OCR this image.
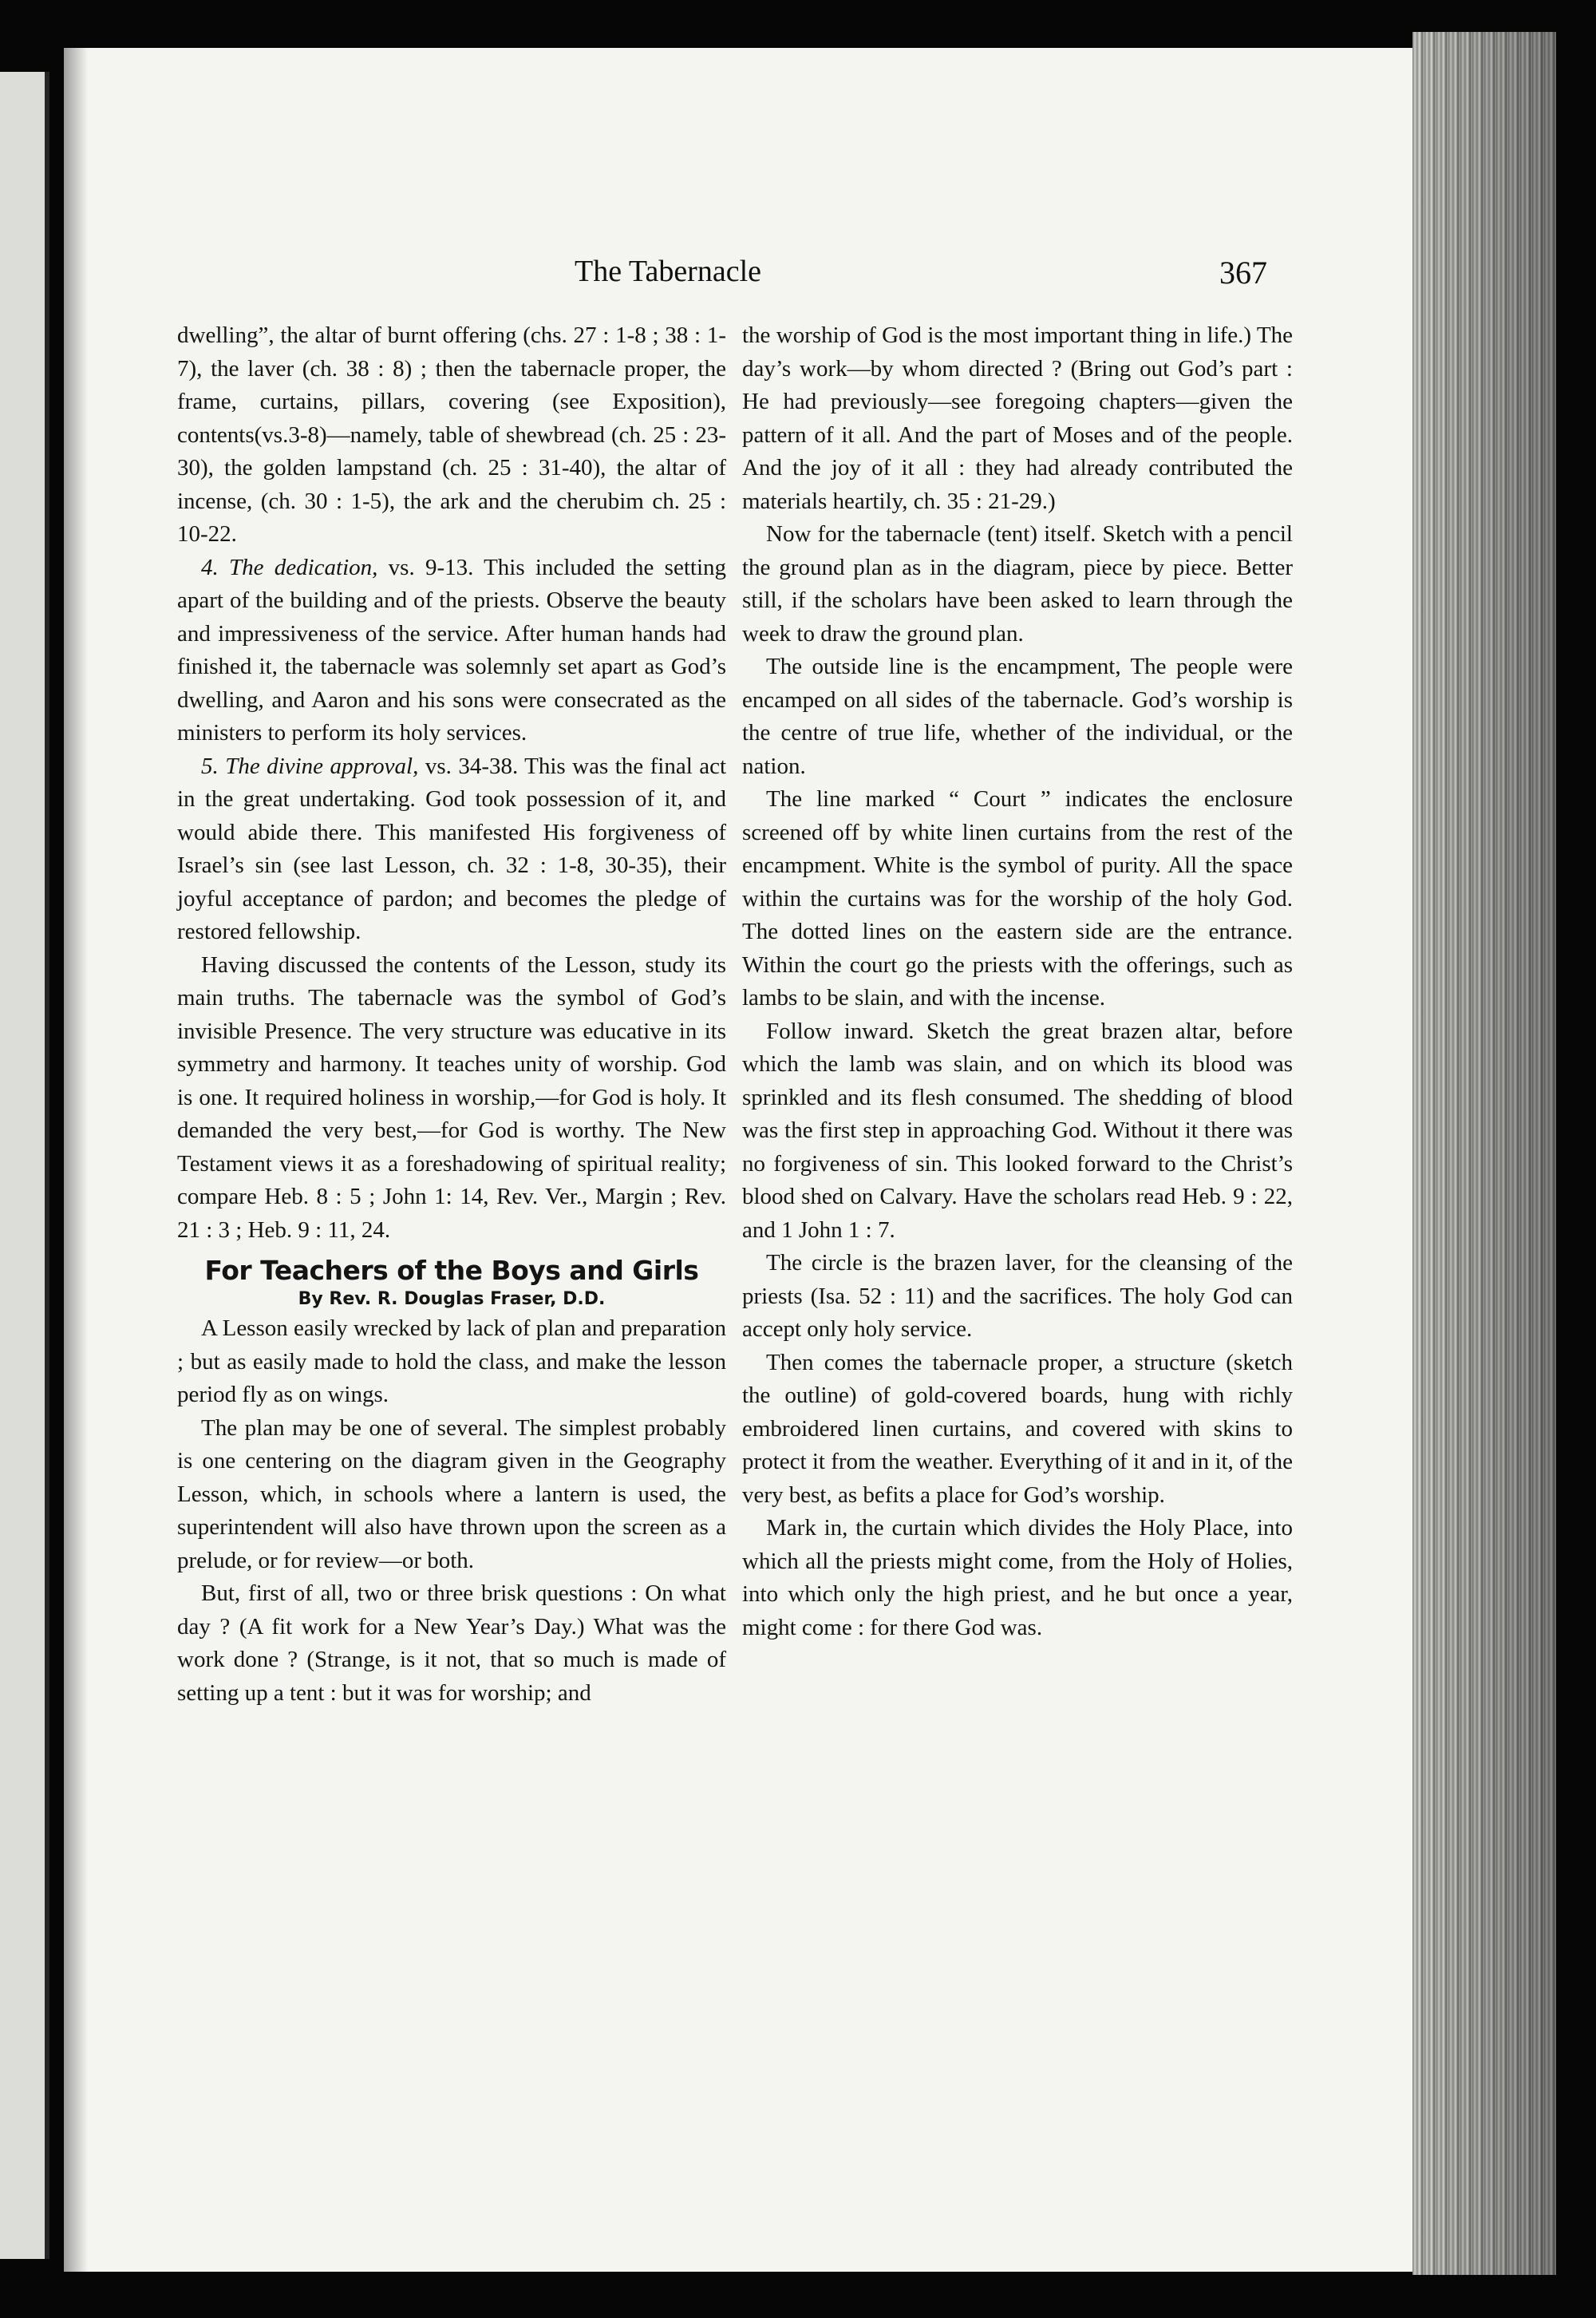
The Tabernacle	367

dwelling”, the altar of burnt offering (chs. 27 : 1-8 ; 38 : 1-7), the laver (ch. 38 : 8) ; then the tabernacle proper, the frame, curtains, pillars, covering (see Exposition), contents(vs.3-8)—namely, table of shewbread (ch. 25 : 23-30), the golden lampstand (ch. 25 : 31-40), the altar of incense, (ch. 30 : 1-5), the ark and the cherubim ch. 25 : 10-22.

4. The dedication, vs. 9-13. This included the setting apart of the building and of the priests. Observe the beauty and impressiveness of the service. After human hands had finished it, the tabernacle was solemnly set apart as God’s dwelling, and Aaron and his sons were consecrated as the ministers to perform its holy services.

5. The divine approval, vs. 34-38. This was the final act in the great undertaking. God took possession of it, and would abide there. This manifested His forgiveness of Israel’s sin (see last Lesson, ch. 32 : 1-8, 30-35), their joyful acceptance of pardon; and becomes the pledge of restored fellowship.

Having discussed the contents of the Lesson, study its main truths. The tabernacle was the symbol of God’s invisible Presence. The very structure was educative in its symmetry and harmony. It teaches unity of worship. God is one. It required holiness in worship,—for God is holy. It demanded the very best,—for God is worthy. The New Testament views it as a foreshadowing of spiritual reality; compare Heb. 8 : 5 ; John 1: 14, Rev. Ver., Margin ; Rev. 21 : 3 ; Heb. 9 : 11, 24.

For Teachers of the Boys and Girls
By Rev. R. Douglas Fraser, D.D.

A Lesson easily wrecked by lack of plan and preparation ; but as easily made to hold the class, and make the lesson period fly as on wings.

The plan may be one of several. The simplest probably is one centering on the diagram given in the Geography Lesson, which, in schools where a lantern is used, the superintendent will also have thrown upon the screen as a prelude, or for review—or both.

But, first of all, two or three brisk questions : On what day ? (A fit work for a New Year’s Day.) What was the work done ? (Strange, is it not, that so much is made of setting up a tent : but it was for worship; and

the worship of God is the most important thing in life.) The day’s work—by whom directed ? (Bring out God’s part : He had previously—see foregoing chapters—given the pattern of it all. And the part of Moses and of the people. And the joy of it all : they had already contributed the materials heartily, ch. 35 : 21-29.)

Now for the tabernacle (tent) itself. Sketch with a pencil the ground plan as in the diagram, piece by piece. Better still, if the scholars have been asked to learn through the week to draw the ground plan.

The outside line is the encampment, The people were encamped on all sides of the tabernacle. God’s worship is the centre of true life, whether of the individual, or the nation.

The line marked “ Court ” indicates the enclosure screened off by white linen curtains from the rest of the encampment. White is the symbol of purity. All the space within the curtains was for the worship of the holy God. The dotted lines on the eastern side are the entrance. Within the court go the priests with the offerings, such as lambs to be slain, and with the incense.

Follow inward. Sketch the great brazen altar, before which the lamb was slain, and on which its blood was sprinkled and its flesh consumed. The shedding of blood was the first step in approaching God. Without it there was no forgiveness of sin. This looked forward to the Christ’s blood shed on Calvary. Have the scholars read Heb. 9 : 22, and 1 John 1 : 7.

The circle is the brazen laver, for the cleansing of the priests (Isa. 52 : 11) and the sacrifices. The holy God can accept only holy service.

Then comes the tabernacle proper, a structure (sketch the outline) of gold-covered boards, hung with richly embroidered linen curtains, and covered with skins to protect it from the weather. Everything of it and in it, of the very best, as befits a place for God’s worship.

Mark in, the curtain which divides the Holy Place, into which all the priests might come, from the Holy of Holies, into which only the high priest, and he but once a year, might come : for there God was.
